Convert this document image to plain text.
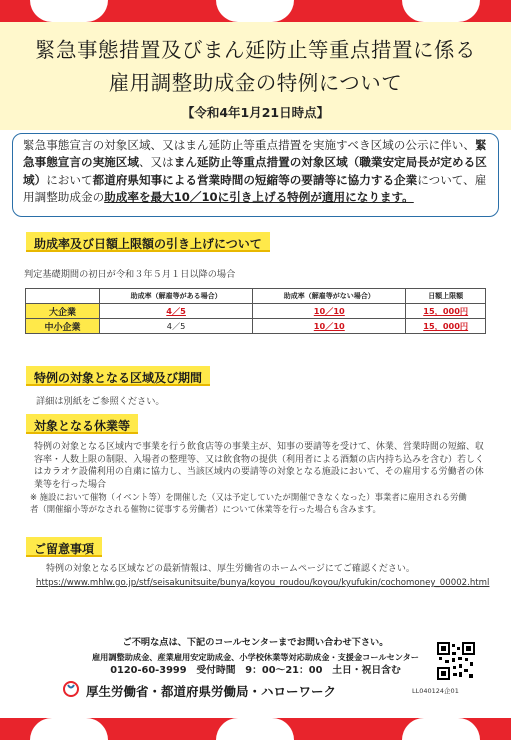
緊急事態措置及びまん延防止等重点措置に係る
雇用調整助成金の特例について
【令和4年1月21日時点】
緊急事態宣言の対象区域、又はまん延防止等重点措置を実施すべき区域の公示に伴い、緊急事態宣言の実施区域、又はまん延防止等重点措置の対象区域（職業安定局長が定める区域）において都道府県知事による営業時間の短縮等の要請等に協力する企業について、雇用調整助成金の助成率を最大10／10に引き上げる特例が適用になります。
助成率及び日額上限額の引き上げについて
判定基礎期間の初日が令和３年５月１日以降の場合
	助成率（解雇等がある場合）	助成率（解雇等がない場合）	日額上限額
大企業	4／5	10／10	15，000円
中小企業	4／5	10／10	15，000円
特例の対象となる区域及び期間
詳細は別紙をご参照ください。
対象となる休業等
特例の対象となる区域内で事業を行う飲食店等の事業主が、知事の要請等を受けて、休業、営業時間の短縮、収容率・人数上限の制限、入場者の整理等、又は飲食物の提供（利用者による酒類の店内持ち込みを含む）若しくはカラオケ設備利用の自粛に協力し、当該区域内の要請等の対象となる施設において、その雇用する労働者の休業等を行った場合
※ 施設において催物（イベント等）を開催した（又は予定していたが開催できなくなった）事業者に雇用される労働者（開催縮小等がなされる催物に従事する労働者）について休業等を行った場合も含みます。
ご留意事項
特例の対象となる区域などの最新情報は、厚生労働省のホームページにてご確認ください。
https://www.mhlw.go.jp/stf/seisakunitsuite/bunya/koyou_roudou/koyou/kyufukin/cochomoney_00002.html
ご不明な点は、下記のコールセンターまでお問い合わせ下さい。
雇用調整助成金、産業雇用安定助成金、小学校休業等対応助成金・支援金コールセンター
0120-60-3999　受付時間　9：00～21：00　土日・祝日含む
厚生労働省・都道府県労働局・ハローワーク	LL040124企01
